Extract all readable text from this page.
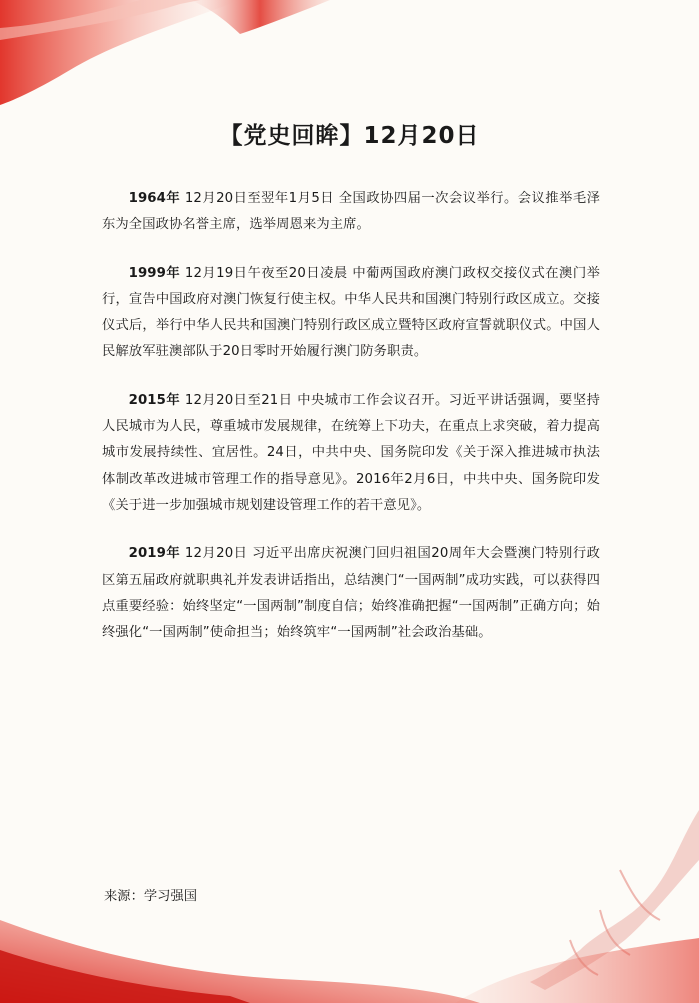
【党史回眸】12月20日

1964年 12月20日至翌年1月5日 全国政协四届一次会议举行。会议推举毛泽东为全国政协名誉主席，选举周恩来为主席。

1999年 12月19日午夜至20日凌晨 中葡两国政府澳门政权交接仪式在澳门举行，宣告中国政府对澳门恢复行使主权。中华人民共和国澳门特别行政区成立。交接仪式后，举行中华人民共和国澳门特别行政区成立暨特区政府宣誓就职仪式。中国人民解放军驻澳部队于20日零时开始履行澳门防务职责。

2015年 12月20日至21日 中央城市工作会议召开。习近平讲话强调，要坚持人民城市为人民，尊重城市发展规律，在统筹上下功夫，在重点上求突破，着力提高城市发展持续性、宜居性。24日，中共中央、国务院印发《关于深入推进城市执法体制改革改进城市管理工作的指导意见》。2016年2月6日，中共中央、国务院印发《关于进一步加强城市规划建设管理工作的若干意见》。

2019年 12月20日 习近平出席庆祝澳门回归祖国20周年大会暨澳门特别行政区第五届政府就职典礼并发表讲话指出，总结澳门“一国两制”成功实践，可以获得四点重要经验：始终坚定“一国两制”制度自信；始终准确把握“一国两制”正确方向；始终强化“一国两制”使命担当；始终筑牢“一国两制”社会政治基础。

来源：学习强国
